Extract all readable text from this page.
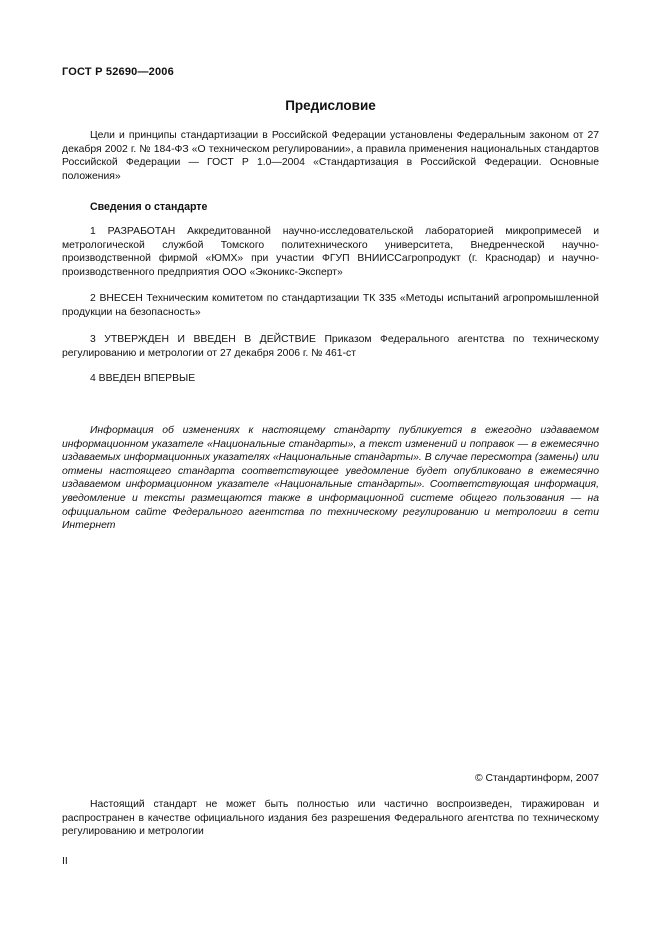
ГОСТ Р 52690—2006
Предисловие

Цели и принципы стандартизации в Российской Федерации установлены Федеральным законом от 27 декабря 2002 г. № 184-ФЗ «О техническом регулировании», а правила применения национальных стандартов Российской Федерации — ГОСТ Р 1.0—2004 «Стандартизация в Российской Федерации. Основные положения»

Сведения о стандарте

1 РАЗРАБОТАН Аккредитованной научно-исследовательской лабораторией микропримесей и метрологической службой Томского политехнического университета, Внедренческой научно-производственной фирмой «ЮМХ» при участии ФГУП ВНИИССагропродукт (г. Краснодар) и научно-производственного предприятия ООО «Эконикс-Эксперт»

2 ВНЕСЕН Техническим комитетом по стандартизации ТК 335 «Методы испытаний агропромышленной продукции на безопасность»

3 УТВЕРЖДЕН И ВВЕДЕН В ДЕЙСТВИЕ Приказом Федерального агентства по техническому регулированию и метрологии от 27 декабря 2006 г. № 461-ст

4 ВВЕДЕН ВПЕРВЫЕ

Информация об изменениях к настоящему стандарту публикуется в ежегодно издаваемом информационном указателе «Национальные стандарты», а текст изменений и поправок — в ежемесячно издаваемых информационных указателях «Национальные стандарты». В случае пересмотра (замены) или отмены настоящего стандарта соответствующее уведомление будет опубликовано в ежемесячно издаваемом информационном указателе «Национальные стандарты». Соответствующая информация, уведомление и тексты размещаются также в информационной системе общего пользования — на официальном сайте Федерального агентства по техническому регулированию и метрологии в сети Интернет

© Стандартинформ, 2007

Настоящий стандарт не может быть полностью или частично воспроизведен, тиражирован и распространен в качестве официального издания без разрешения Федерального агентства по техническому регулированию и метрологии

II
